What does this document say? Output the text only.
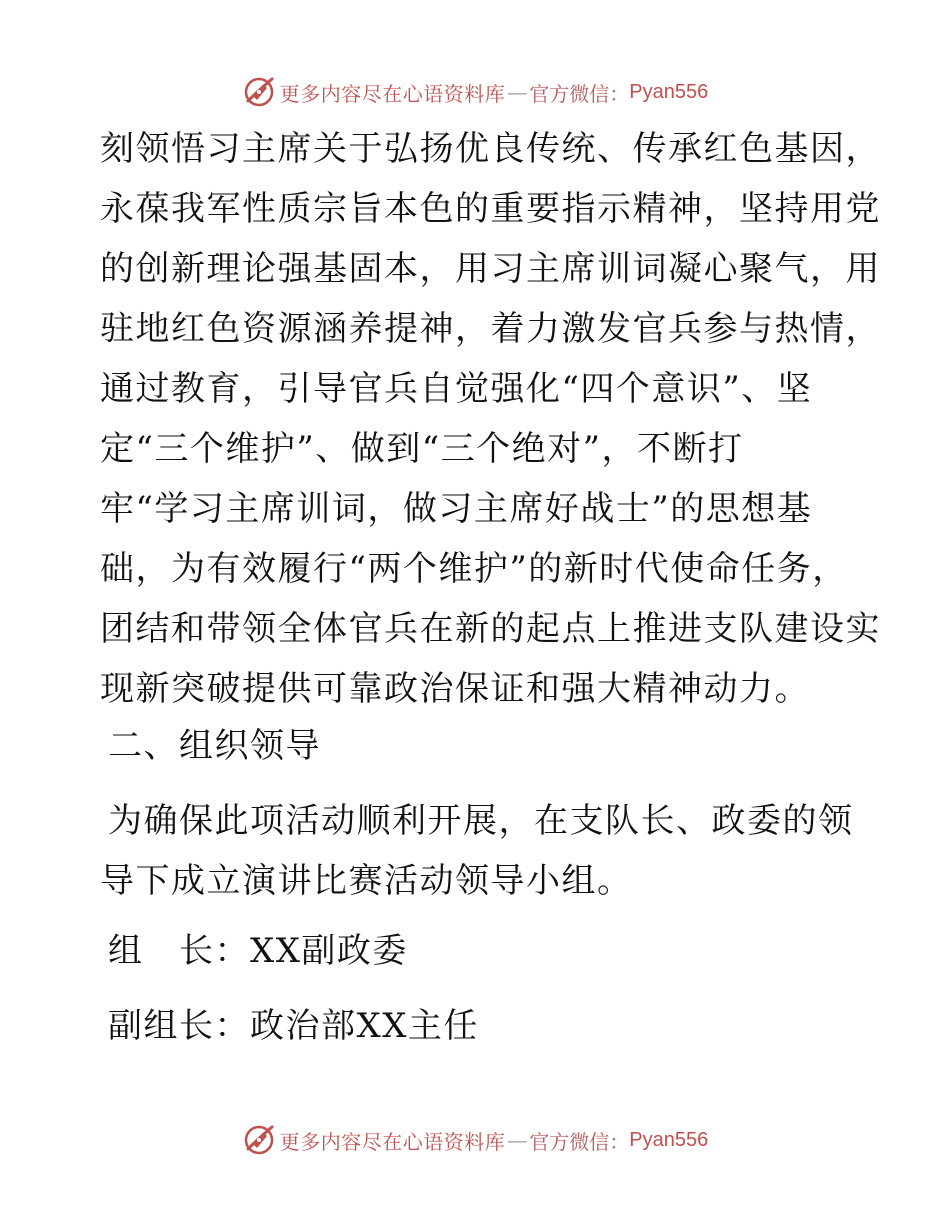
更多内容尽在心语资料库 — 官方微信： Pyan556
刻领悟习主席关于弘扬优良传统、传承红色基因，
永葆我军性质宗旨本色的重要指示精神，坚持用党
的创新理论强基固本，用习主席训词凝心聚气，用
驻地红色资源涵养提神，着力激发官兵参与热情，
通过教育，引导官兵自觉强化“四个意识”、坚
定“三个维护”、做到“三个绝对”，不断打
牢“学习主席训词，做习主席好战士”的思想基
础，为有效履行“两个维护”的新时代使命任务，
团结和带领全体官兵在新的起点上推进支队建设实
现新突破提供可靠政治保证和强大精神动力。
二、组织领导
为确保此项活动顺利开展，在支队长、政委的领
导下成立演讲比赛活动领导小组。
组　长：XX副政委
副组长：政治部XX主任
更多内容尽在心语资料库 — 官方微信： Pyan556
